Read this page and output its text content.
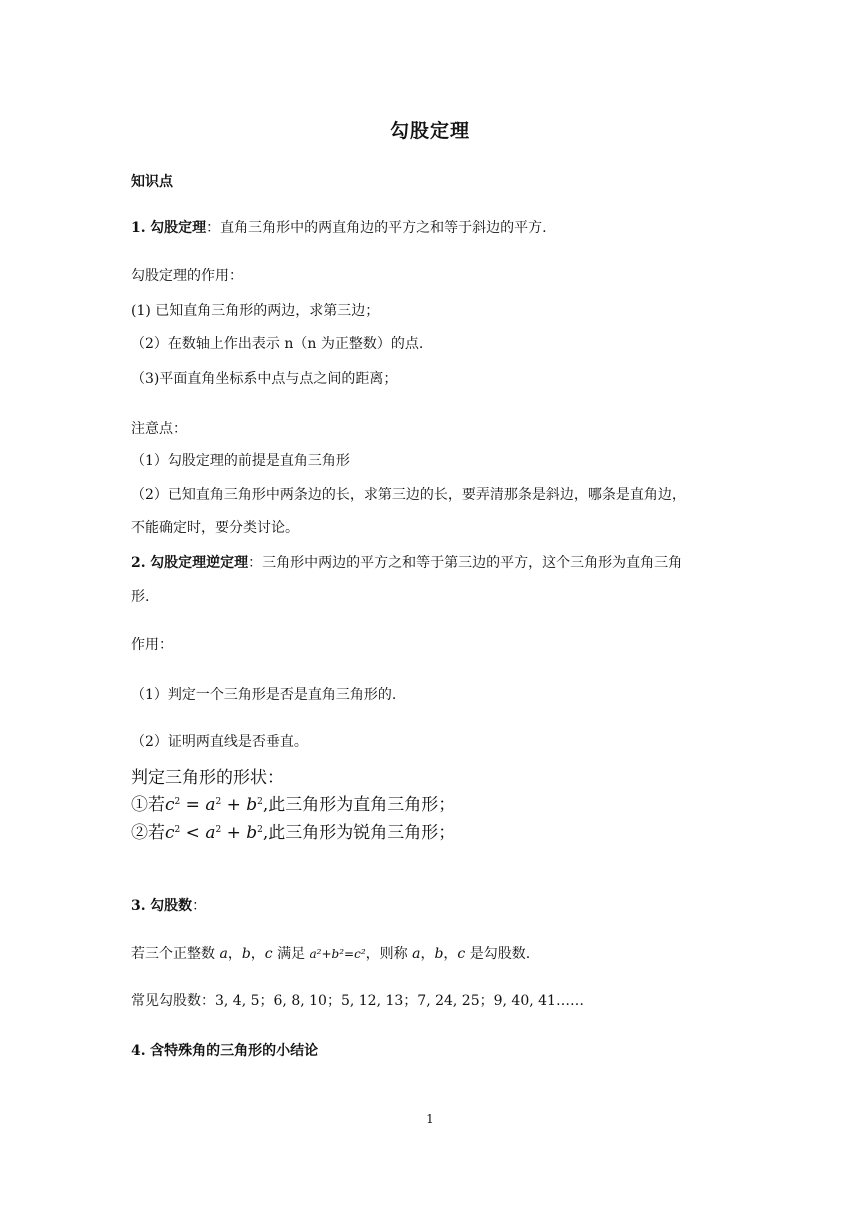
勾股定理
知识点
1. 勾股定理：直角三角形中的两直角边的平方之和等于斜边的平方.
勾股定理的作用：
(1) 已知直角三角形的两边，求第三边；
（2）在数轴上作出表示 n（n 为正整数）的点.
（3)平面直角坐标系中点与点之间的距离；
注意点：
（1）勾股定理的前提是直角三角形
（2）已知直角三角形中两条边的长，求第三边的长，要弄清那条是斜边，哪条是直角边，
不能确定时，要分类讨论。
2. 勾股定理逆定理：三角形中两边的平方之和等于第三边的平方，这个三角形为直角三角
形.
作用：
（1）判定一个三角形是否是直角三角形的.
（2）证明两直线是否垂直。
判定三角形的形状：
①若$c^2 = a^2 + b^2$,此三角形为直角三角形；
②若$c^2 < a^2 + b^2$,此三角形为锐角三角形；
3. 勾股数：
若三个正整数 a，b，c 满足 a²+b²=c²，则称 a，b，c 是勾股数.
常见勾股数：3, 4, 5；6, 8, 10；5, 12, 13；7, 24, 25；9, 40, 41……
4. 含特殊角的三角形的小结论
1
